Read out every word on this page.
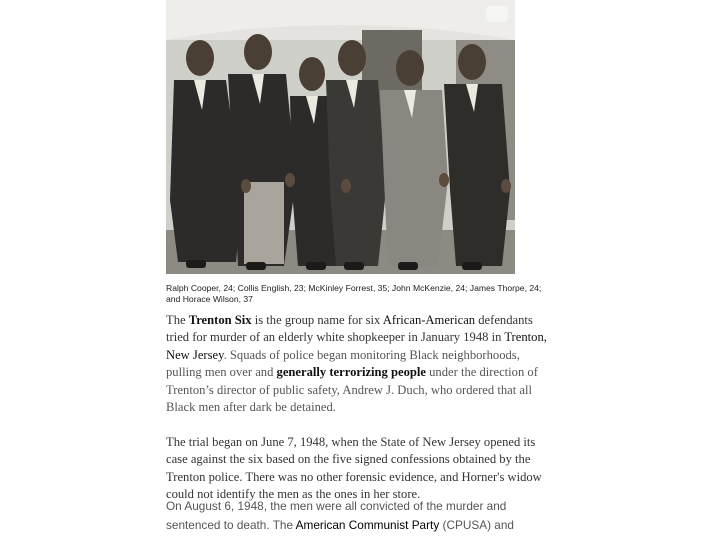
Ralph Cooper, 24; Collis English, 23; McKinley Forrest, 35; John McKenzie, 24; James Thorpe, 24; and Horace Wilson, 37

The Trenton Six is the group name for six African-American defendants tried for murder of an elderly white shopkeeper in January 1948 in Trenton, New Jersey. Squads of police began monitoring Black neighborhoods, pulling men over and generally terrorizing people under the direction of Trenton’s director of public safety, Andrew J. Duch, who ordered that all Black men after dark be detained.

The trial began on June 7, 1948, when the State of New Jersey opened its case against the six based on the five signed confessions obtained by the Trenton police. There was no other forensic evidence, and Horner's widow could not identify the men as the ones in her store.

On August 6, 1948, the men were all convicted of the murder and sentenced to death. The American Communist Party (CPUSA) and
